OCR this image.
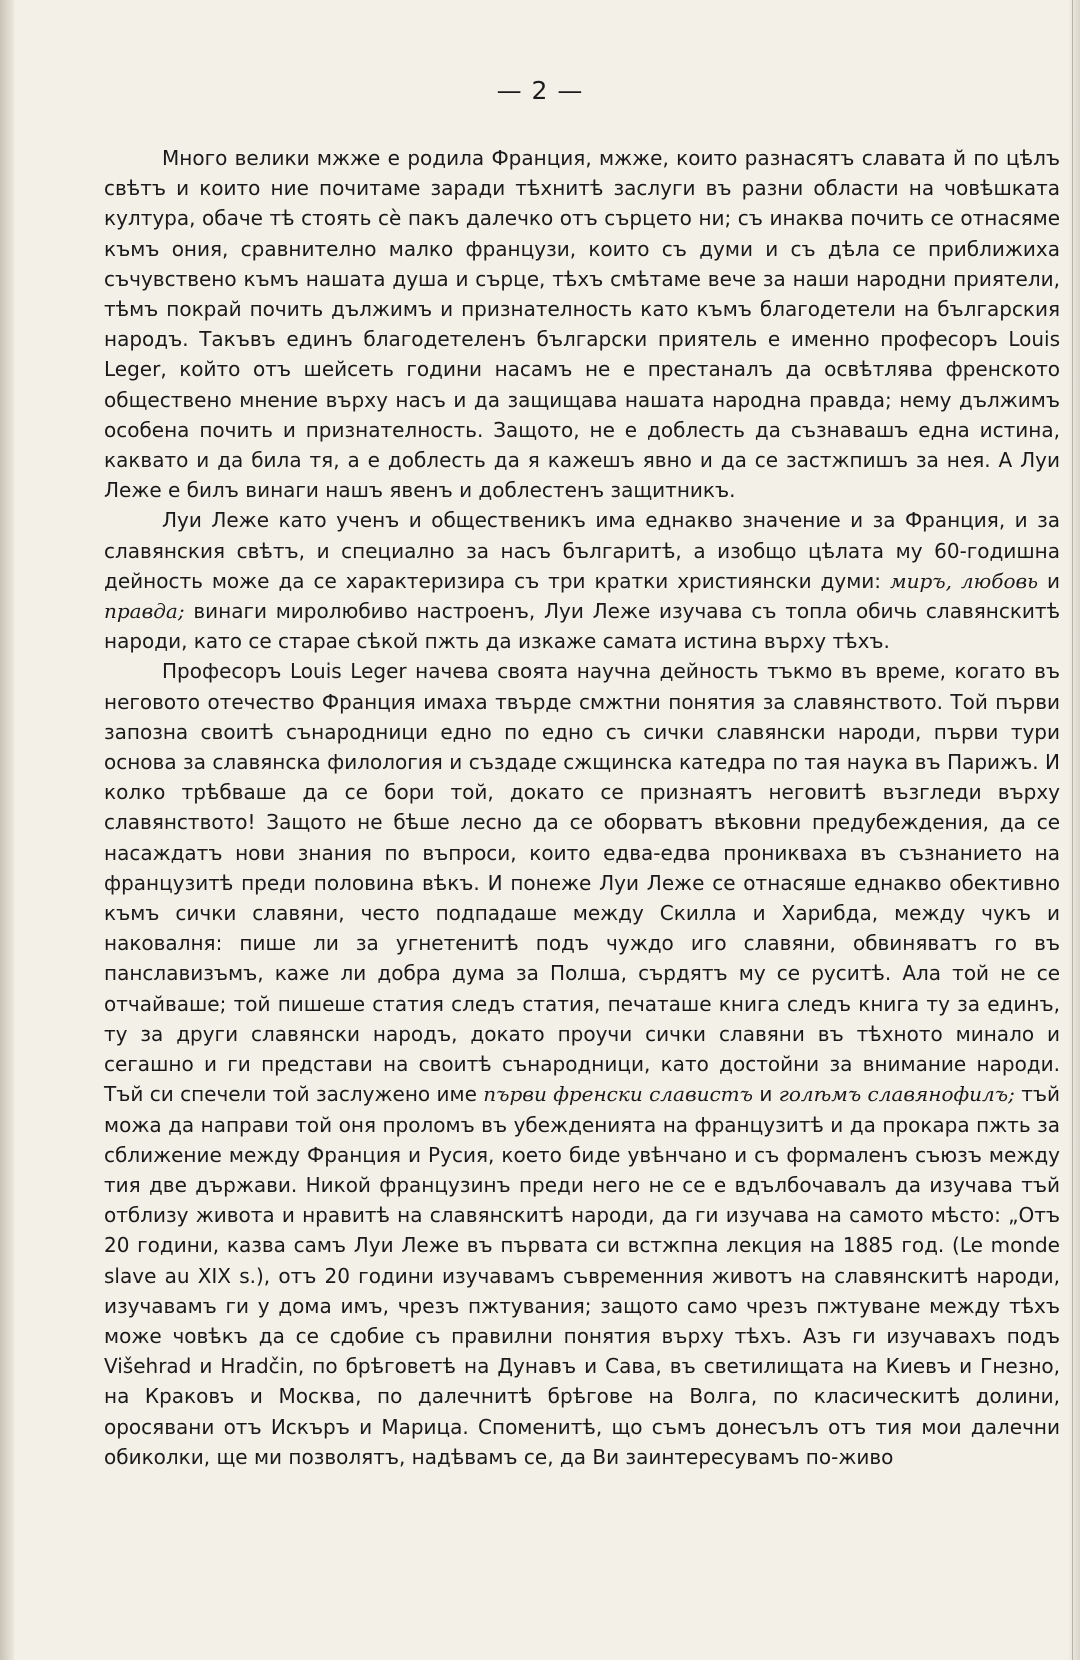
— 2 —

Много велики мжже е родила Франция, мжже, които разнасятъ славата й по цѣлъ свѣтъ и които ние почитаме заради тѣхнитѣ заслуги въ разни области на човѣшката култура, обаче тѣ стоять сѐ пакъ далечко отъ сърцето ни; съ инаква почить се отнасяме къмъ ония, сравнително малко французи, които съ думи и съ дѣла се приближиха съчувствено къмъ нашата душа и сърце, тѣхъ смѣтаме вече за наши народни приятели, тѣмъ покрай почить дължимъ и признателность като къмъ благодетели на българския народъ. Такъвъ единъ благодетеленъ български приятель е именно професоръ Louis Leger, който отъ шейсеть години насамъ не е престаналъ да освѣтлява френскoто обществено мнение върху насъ и да защищава нашата народна правда; нему дължимъ особена почить и признателность. Защото, не е доблесть да съзнавашъ една истина, каквато и да била тя, а е доблесть да я кажешъ явно и да се застжпишъ за нея. А Луи Леже е билъ винаги нашъ явенъ и доблестенъ защитникъ.

Луи Леже като ученъ и общественикъ има еднакво значение и за Франция, и за славянския свѣтъ, и специално за насъ българитѣ, а изобщо цѣлата му 60-годишна дейность може да се характеризира съ три кратки християнски думи: миръ, любовь и правда; винаги миролюбиво настроенъ, Луи Леже изучава съ топла обичь славянскитѣ народи, като се старае сѣкой пжть да изкаже самата истина върху тѣхъ.

Професоръ Louis Leger начева своята научна дейность тъкмо въ време, когато въ неговото отечество Франция имаха твърде смжтни понятия за славянството. Той първи запозна своитѣ сънародници едно по едно съ сички славянски народи, първи тури основа за славянска филология и създаде сжщинска катедра по тая наука въ Парижъ. И колко трѣбваше да се бори той, докато се признаятъ неговитѣ възгледи върху славянството! Защото не бѣше лесно да се оборватъ вѣковни предубеждения, да се насаждатъ нови знания по въпроси, които едва-едва проникваха въ съзнанието на французитѣ преди половина вѣкъ. И понеже Луи Леже се отнасяше еднакво обективно къмъ сички славяни, често подпадаше между Скилла и Харибда, между чукъ и наковалня: пише ли за угнетенитѣ подъ чуждо иго славяни, обвиняватъ го въ панславизъмъ, каже ли добра дума за Полша, сърдятъ му се руситѣ. Ала той не се отчайваше; той пишеше статия следъ статия, печаташе книга следъ книга ту за единъ, ту за други славянски народъ, докато проучи сички славяни въ тѣхното минало и сегашно и ги представи на своитѣ сънародници, като достойни за внимание народи. Тъй си спечели той заслужено име първи френски славистъ и голѣмъ славянофилъ; тъй можа да направи той оня проломъ въ убежденията на французитѣ и да прокара пжть за сближение между Франция и Русия, което биде увѣнчано и съ формаленъ съюзъ между тия две държави. Никой французинъ преди него не се е вдълбочавалъ да изучава тъй отблизу живота и нравитѣ на славянскитѣ народи, да ги изучава на самото мѣсто: „Отъ 20 години, казва самъ Луи Леже въ първата си встжпна лекция на 1885 год. (Le monde slave au XIX s.), отъ 20 години изучавамъ съвременния животъ на славянскитѣ народи, изучавамъ ги у дома имъ, чрезъ пжтувания; защото само чрезъ пжтуване между тѣхъ може човѣкъ да се сдобие съ правилни понятия върху тѣхъ. Азъ ги изучавахъ подъ Višehrad и Hradčin, по брѣговетѣ на Дунавъ и Сава, въ светилищата на Киевъ и Гнезно, на Краковъ и Москва, по далечнитѣ брѣгове на Волга, по класическитѣ долини, оросявани отъ Искъръ и Марица. Споменитѣ, що съмъ донесълъ отъ тия мои далечни обиколки, ще ми позволятъ, надѣвамъ се, да Ви заинтересувамъ по-живо
